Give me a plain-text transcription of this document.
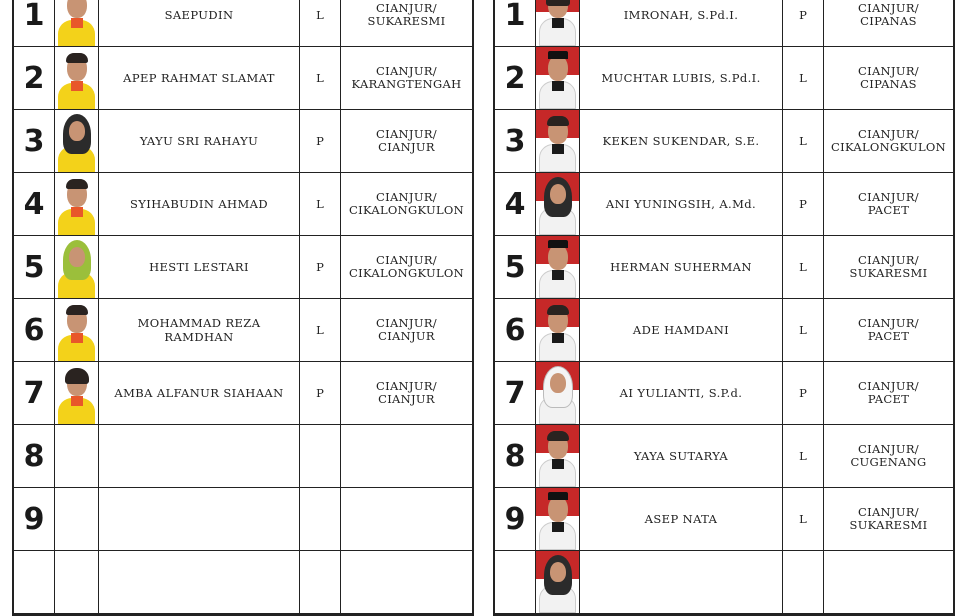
1	SAEPUDIN	L
CIANJUR/
SUKARESMI
2	APEP RAHMAT SLAMAT	L
CIANJUR/
KARANGTENGAH
3	YAYU SRI RAHAYU	P
CIANJUR/
CIANJUR
4	SYIHABUDIN AHMAD	L
CIANJUR/
CIKALONGKULON
5	HESTI LESTARI	P
CIANJUR/
CIKALONGKULON
6	MOHAMMAD REZA RAMDHAN	L
CIANJUR/
CIANJUR
7	AMBA ALFANUR SIAHAAN	P
CIANJUR/
CIANJUR
8
9
1	IMRONAH, S.Pd.I.	P
CIANJUR/
CIPANAS
2	MUCHTAR LUBIS, S.Pd.I.	L
CIANJUR/
CIPANAS
3	KEKEN SUKENDAR, S.E.	L
CIANJUR/
CIKALONGKULON
4	ANI YUNINGSIH, A.Md.	P
CIANJUR/
PACET
5	HERMAN SUHERMAN	L
CIANJUR/
SUKARESMI
6	ADE HAMDANI	L
CIANJUR/
PACET
7	AI YULIANTI, S.P.d.	P
CIANJUR/
PACET
8	YAYA SUTARYA	L
CIANJUR/
CUGENANG
9	ASEP NATA	L
CIANJUR/
SUKARESMI
